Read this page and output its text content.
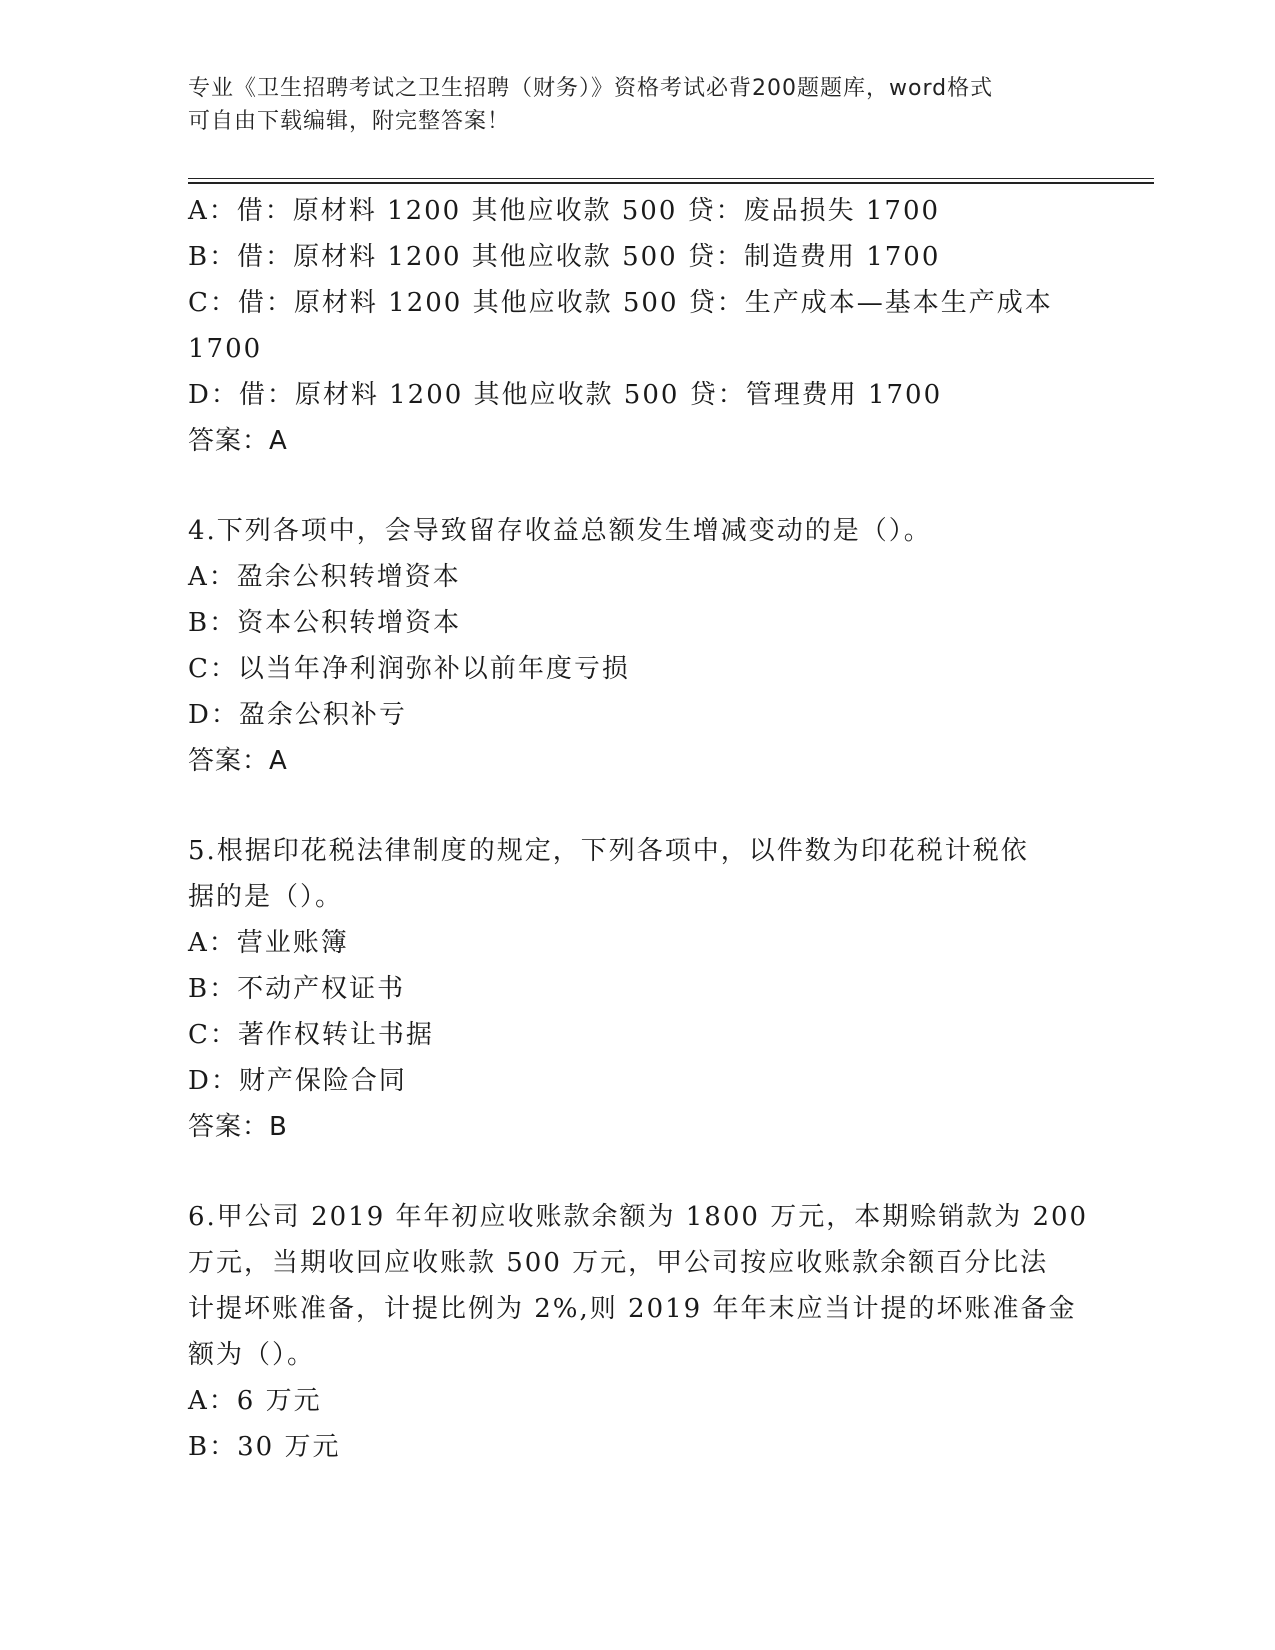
专业《卫生招聘考试之卫生招聘（财务）》资格考试必背200题题库，word格式
可自由下载编辑，附完整答案！
A：借：原材料 1200 其他应收款 500 贷：废品损失 1700
B：借：原材料 1200 其他应收款 500 贷：制造费用 1700
C：借：原材料 1200 其他应收款 500 贷：生产成本—基本生产成本
1700
D：借：原材料 1200 其他应收款 500 贷：管理费用 1700
答案：A
4.下列各项中，会导致留存收益总额发生增减变动的是（）。
A：盈余公积转增资本
B：资本公积转增资本
C：以当年净利润弥补以前年度亏损
D：盈余公积补亏
答案：A
5.根据印花税法律制度的规定，下列各项中，以件数为印花税计税依
据的是（）。
A：营业账簿
B：不动产权证书
C：著作权转让书据
D：财产保险合同
答案：B
6.甲公司 2019 年年初应收账款余额为 1800 万元，本期赊销款为 200
万元，当期收回应收账款 500 万元，甲公司按应收账款余额百分比法
计提坏账准备，计提比例为 2%,则 2019 年年末应当计提的坏账准备金
额为（）。
A：6 万元
B：30 万元
